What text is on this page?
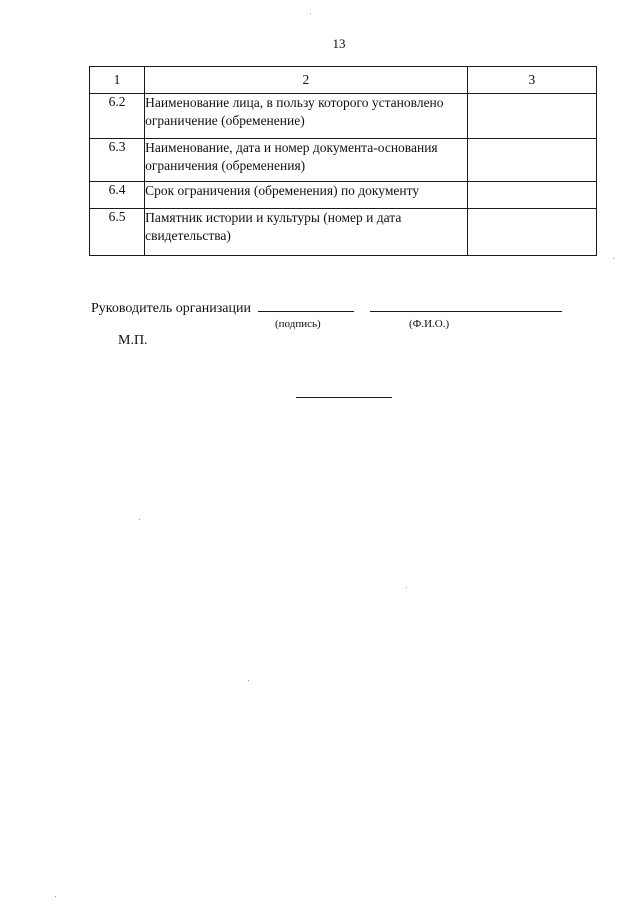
13
1	2	3
6.2	Наименование лица, в пользу которого установлено ограничение (обременение)	
6.3	Наименование, дата и номер документа-основания ограничения (обременения)	
6.4	Срок ограничения (обременения) по документу	
6.5	Памятник истории и культуры (номер и дата свидетельства)	
Руководитель организации
(подпись)	(Ф.И.О.)
М.П.
